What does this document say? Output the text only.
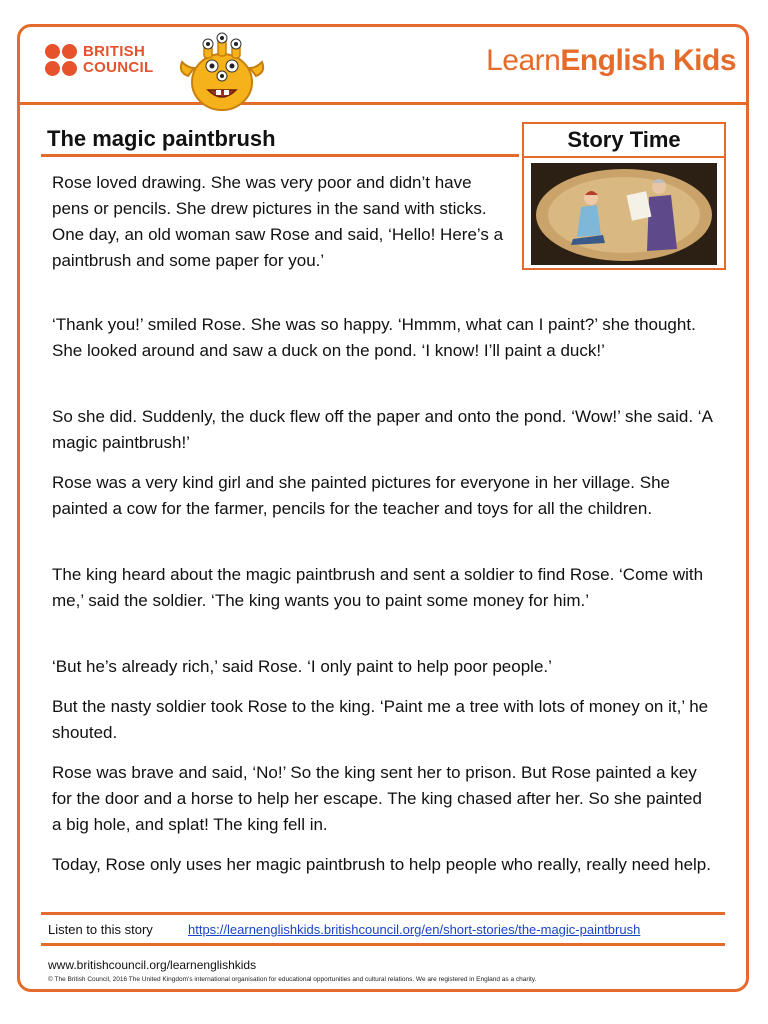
BRITISH
COUNCIL	LearnEnglish Kids
The magic paintbrush	Story Time

Rose loved drawing. She was very poor and didn’t have pens or pencils. She drew pictures in the sand with sticks. One day, an old woman saw Rose and said, ‘Hello! Here’s a paintbrush and some paper for you.’

‘Thank you!’ smiled Rose. She was so happy. ‘Hmmm, what can I paint?’ she thought. She looked around and saw a duck on the pond. ‘I know! I’ll paint a duck!’

So she did. Suddenly, the duck flew off the paper and onto the pond. ‘Wow!’ she said. ‘A magic paintbrush!’

Rose was a very kind girl and she painted pictures for everyone in her village. She painted a cow for the farmer, pencils for the teacher and toys for all the children.

The king heard about the magic paintbrush and sent a soldier to find Rose. ‘Come with me,’ said the soldier. ‘The king wants you to paint some money for him.’

‘But he’s already rich,’ said Rose. ‘I only paint to help poor people.’

But the nasty soldier took Rose to the king. ‘Paint me a tree with lots of money on it,’ he shouted.

Rose was brave and said, ‘No!’ So the king sent her to prison. But Rose painted a key for the door and a horse to help her escape. The king chased after her. So she painted a big hole, and splat! The king fell in.

Today, Rose only uses her magic paintbrush to help people who really, really need help.

Listen to this story	https://learnenglishkids.britishcouncil.org/en/short-stories/the-magic-paintbrush
www.britishcouncil.org/learnenglishkids
© The British Council, 2016 The United Kingdom’s international organisation for educational opportunities and cultural relations. We are registered in England as a charity.
